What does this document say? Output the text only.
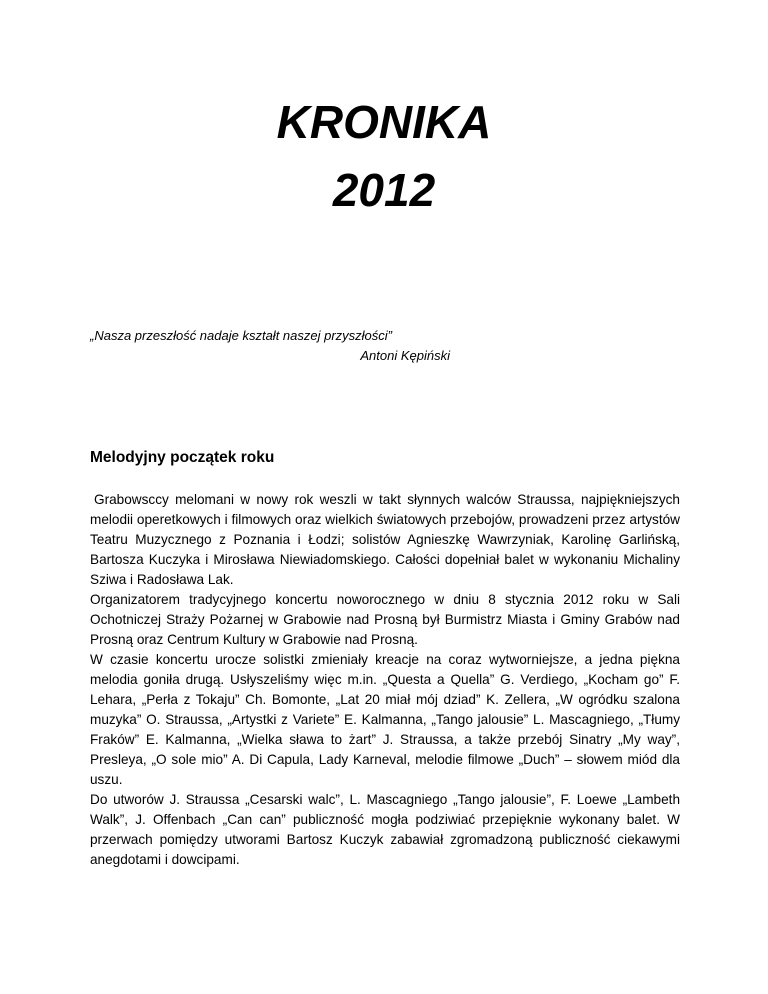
KRONIKA
2012
„Nasza przeszłość nadaje kształt naszej przyszłości”
Antoni Kępiński
Melodyjny początek roku

Grabowsccy melomani w nowy rok weszli w takt słynnych walców Straussa, najpiękniejszych melodii operetkowych i filmowych oraz wielkich światowych przebojów, prowadzeni przez artystów Teatru Muzycznego z Poznania i Łodzi; solistów Agnieszkę Wawrzyniak, Karolinę Garlińską, Bartosza Kuczyka i Mirosława Niewiadomskiego. Całości dopełniał balet w wykonaniu Michaliny Sziwa i Radosława Lak.

Organizatorem tradycyjnego koncertu noworocznego w dniu 8 stycznia 2012 roku w Sali Ochotniczej Straży Pożarnej w Grabowie nad Prosną był Burmistrz Miasta i Gminy Grabów nad Prosną oraz Centrum Kultury w Grabowie nad Prosną.

W czasie koncertu urocze solistki zmieniały kreacje na coraz wytworniejsze, a jedna piękna melodia goniła drugą. Usłyszeliśmy więc m.in. „Questa a Quella” G. Verdiego, „Kocham go” F. Lehara, „Perła z Tokaju” Ch. Bomonte, „Lat 20 miał mój dziad” K. Zellera, „W ogródku szalona muzyka” O. Straussa, „Artystki z Variete” E. Kalmanna, „Tango jalousie” L. Mascagniego, „Tłumy Fraków” E. Kalmanna, „Wielka sława to żart” J. Straussa, a także przebój Sinatry „My way”, Presleya, „O sole mio” A. Di Capula, Lady Karneval, melodie filmowe „Duch” – słowem miód dla uszu.

Do utworów J. Straussa „Cesarski walc”, L. Mascagniego „Tango jalousie”, F. Loewe „Lambeth Walk”, J. Offenbach „Can can” publiczność mogła podziwiać przepięknie wykonany balet. W przerwach pomiędzy utworami Bartosz Kuczyk zabawiał zgromadzoną publiczność ciekawymi anegdotami i dowcipami.
